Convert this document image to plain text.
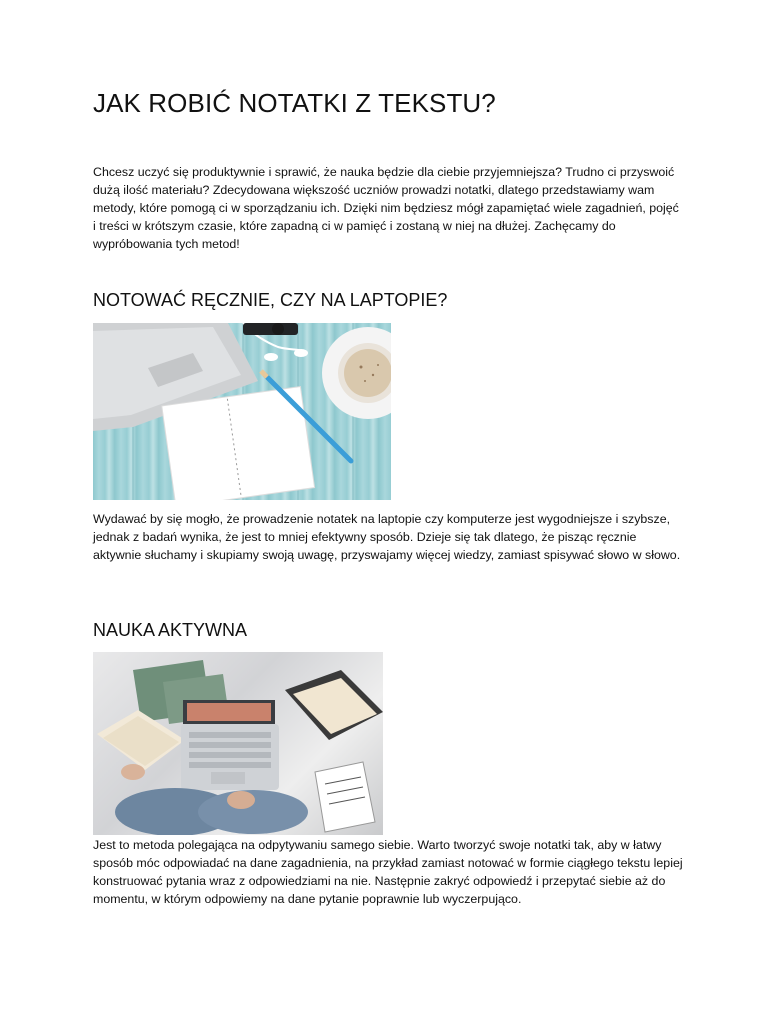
JAK ROBIĆ NOTATKI Z TEKSTU?

Chcesz uczyć się produktywnie i sprawić, że nauka będzie dla ciebie przyjemniejsza? Trudno ci przyswoić dużą ilość materiału? Zdecydowana większość uczniów prowadzi notatki, dlatego przedstawiamy wam metody, które pomogą ci w sporządzaniu ich. Dzięki nim będziesz mógł zapamiętać wiele zagadnień, pojęć i treści w krótszym czasie, które zapadną ci w pamięć i zostaną w niej na dłużej. Zachęcamy do wypróbowania tych metod!

NOTOWAĆ RĘCZNIE, CZY NA LAPTOPIE?

Wydawać by się mogło, że prowadzenie notatek na laptopie czy komputerze jest wygodniejsze i szybsze, jednak z badań wynika, że jest to mniej efektywny sposób. Dzieje się tak dlatego, że pisząc ręcznie aktywnie słuchamy i skupiamy swoją uwagę, przyswajamy więcej wiedzy, zamiast spisywać słowo w słowo.

NAUKA AKTYWNA

Jest to metoda polegająca na odpytywaniu samego siebie. Warto tworzyć swoje notatki tak, aby w łatwy sposób móc odpowiadać na dane zagadnienia, na przykład zamiast notować w formie ciągłego tekstu lepiej konstruować pytania wraz z odpowiedziami na nie. Następnie zakryć odpowiedź i przepytać siebie aż do momentu, w którym odpowiemy na dane pytanie poprawnie lub wyczerpująco.
